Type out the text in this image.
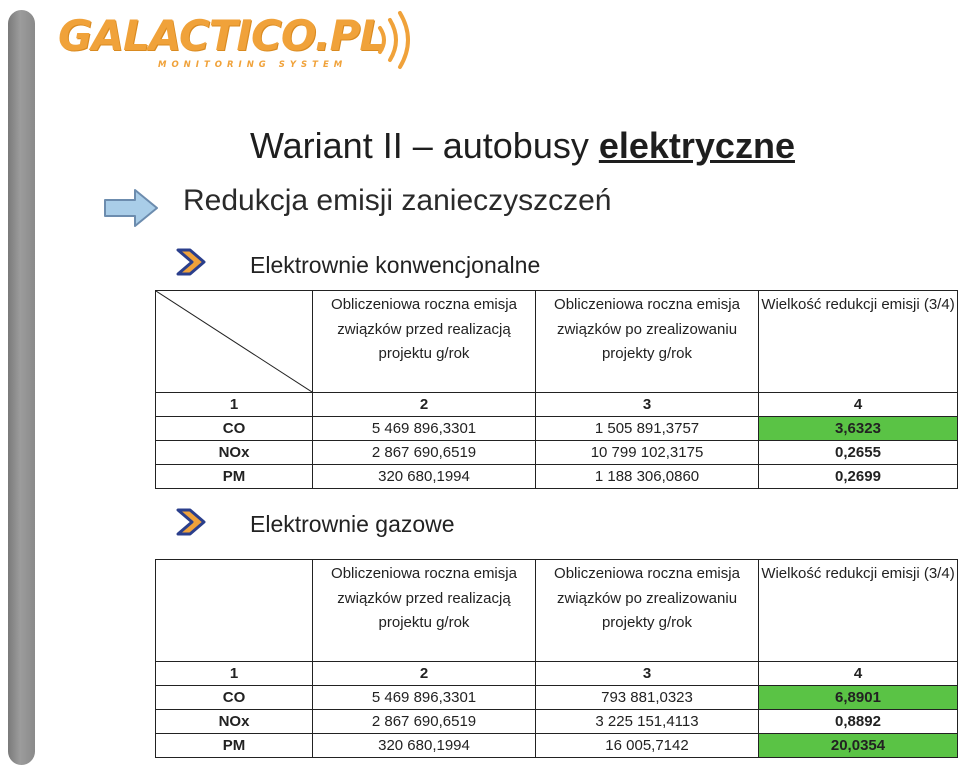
GALACTICO.PL
MONITORING SYSTEM
Wariant II – autobusy elektryczne
Redukcja emisji zanieczyszczeń
Elektrownie konwencjonalne
	Obliczeniowa roczna emisja związków przed realizacją projektu g/rok	Obliczeniowa roczna emisja związków po zrealizowaniu projekty g/rok	Wielkość redukcji emisji (3/4)
1	2	3	4
CO	5 469 896,3301	1 505 891,3757	3,6323
NOx	2 867 690,6519	10 799 102,3175	0,2655
PM	320 680,1994	1 188 306,0860	0,2699
Elektrownie gazowe
	Obliczeniowa roczna emisja związków przed realizacją projektu g/rok	Obliczeniowa roczna emisja związków po zrealizowaniu projekty g/rok	Wielkość redukcji emisji (3/4)
1	2	3	4
CO	5 469 896,3301	793 881,0323	6,8901
NOx	2 867 690,6519	3 225 151,4113	0,8892
PM	320 680,1994	16 005,7142	20,0354
